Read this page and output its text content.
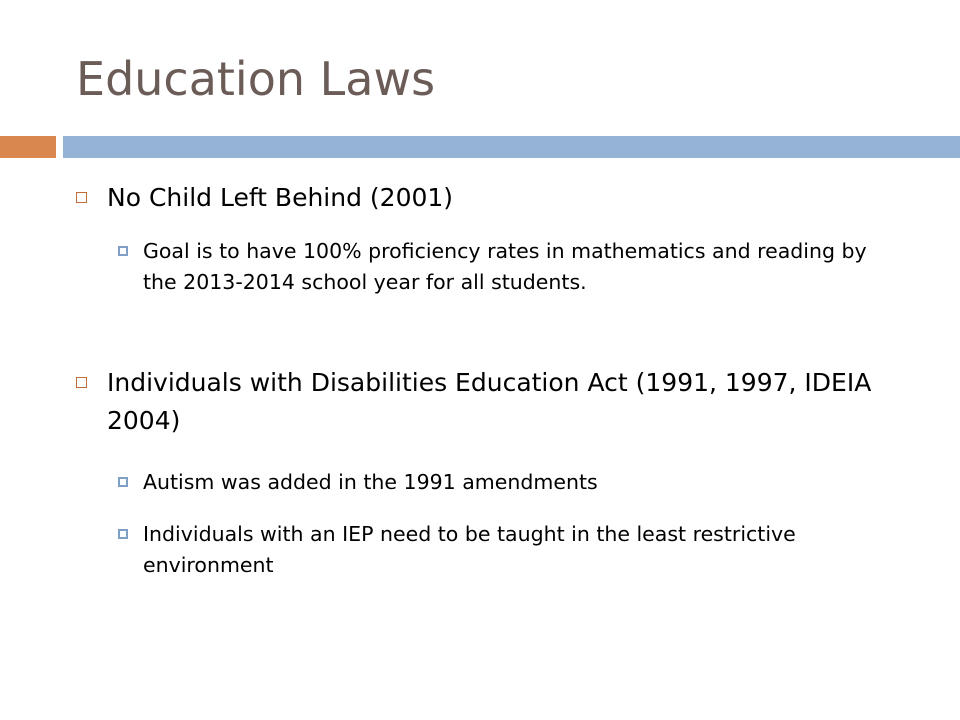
Education Laws
No Child Left Behind (2001)
Goal is to have 100% proficiency rates in mathematics and reading by the 2013-2014 school year for all students.
Individuals with Disabilities Education Act (1991, 1997, IDEIA 2004)
Autism was added in the 1991 amendments
Individuals with an IEP need to be taught in the least restrictive environment
